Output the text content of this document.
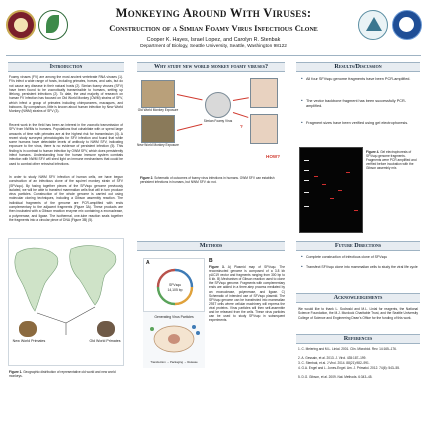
Monkeying Around With Viruses:
Construction of a Simian Foamy Virus Infectious Clone
Cooper K. Hayes, Israel Lopez, and Carolyn R. Stenbak
Department of Biology, Seattle University, Seattle, Washington 98122
Introduction
Foamy viruses (FV) are among the most ancient vertebrate RNA viruses (1). FVs infect a wide range of hosts, including primates, horses, and cats, but do not cause any disease in their natural hosts (2). Simian foamy viruses (SFV) have been found to be zoonotically transmissible to humans, setting up lifelong, persistent infections (2). To date, the vast majority of research on human FV infection has focused on Old World Monkey (OWM) strains of SFV, which infect a group of primates including chimpanzees, macaques, and baboons. By comparison, little is known about human infection by New World Monkey (NWM) strains of SFV (3).
Recent work in the field has been an interest in the zoonotic transmission of SFV from NWMs to humans. Populations that cohabitate with or spend large amounts of time with primates are at the highest risk for transmission (4). A recent study surveyed primatologists for SFV infection and found that while some humans have detectable levels of antibody to NWM SFV, indicating exposure to the virus, there is no evidence of persistent infection (5). This finding is in contrast to human infection by OWM SFV, which does persistently infect humans. Understanding how the human immune system combats infection with NWM SFV will shed light on immune mechanisms that could be used to combat other retroviral infections.
In order to study NWM SFV infection of human cells, we have begun construction of an infectious clone of the squirrel monkey strain of SFV (SFVsqu). By fusing together pieces of the SFVsqu genome previously isolated, we will be able to transfect mammalian cells that will in turn produce virus particles. Construction of the whole genome is carried out using molecular cloning techniques, including a Gibson assembly reaction. The individual fragments of the genome are PCR-amplified with ends complementary to the adjacent fragments (Figure 3A). These products are then incubated with a Gibson reaction enzyme mix containing a exonuclease, a polymerase, and ligase. The isothermal, one-tube reaction seals together the fragments into a circular piece of DNA (Figure 3B) (5).
New World Primates	Old World Primates
Figure 1. Geographic distribution of representative old world and new world monkeys.
Why study new world monkey foamy viruses?
Old World Monkey Exposure
New World Monkey Exposure
Simian Foamy Virus
?
HOW?
Figure 2. Schematic of outcomes of foamy virus infections in humans. OWM SFV can establish persistent infections in humans, but NWM SFV do not.
Methods
A
SFVsqu
14,105 bp
Generating Virus Particles
Transfection → Packaging → Release
B
Figure 3. A) Plasmid map of SFVsqu. The reconstructed genome is composed of a 3.8 kb pUC19 vector and fragments ranging from 300 bp to 6 kb. B) Mechanism of Gibson reaction used to clone the SFVsqu genome. Fragments with complementary ends are added in a three-step process mediated by an exonuclease, polymerase, and ligase. C) Schematic of intended use of SFVsqu plasmid. The SFVsqu genome can be transfected into mammalian 293T cells where cellular machinery will express the viral proteins. Virus particles will then self-assemble and be released from the cells. These virus particles can be used to study SFVsqu in subsequent experiments.
Results/Discussion
• All four SFVsqu genome fragments have been PCR-amplified.
• The vector backbone fragment has been successfully PCR-amplified.
• Fragment sizes have been verified using gel electrophoresis.
Figure 4. Gel electrophoresis of SFVsqu genome fragments. Fragments were PCR amplified and verified before incubation with the Gibson assembly mix.
Future Directions
• Complete construction of infectious clone of SFVsqu
• Transfect SFVsqu clone into mammalian cells to study the viral life cycle
Acknowledgements
We would like to thank L. Sodroski and M.L. Linial for reagents, the National Science Foundation, the M.J. Murdock Charitable Trust, and the Seattle University College of Science and Engineering Dean's Office for the funding of this work.
References
1. C. Meiering and M.L. Linial. 2001. Clin. Microbiol. Rev. 14:165–176.
2. A. Gessain, et al. 2013. J. Virol. 435:187–199.
3. C. Stenbak, et al. J Virol. 2014. 88(21):982–991.
4. G.A. Engel and L. Jones-Engel. Am. J. Primatol. 2012. 74(6): 543–55.
5. D.G. Gibson, et al. 2009. Nat. Methods. 6:343–45.
